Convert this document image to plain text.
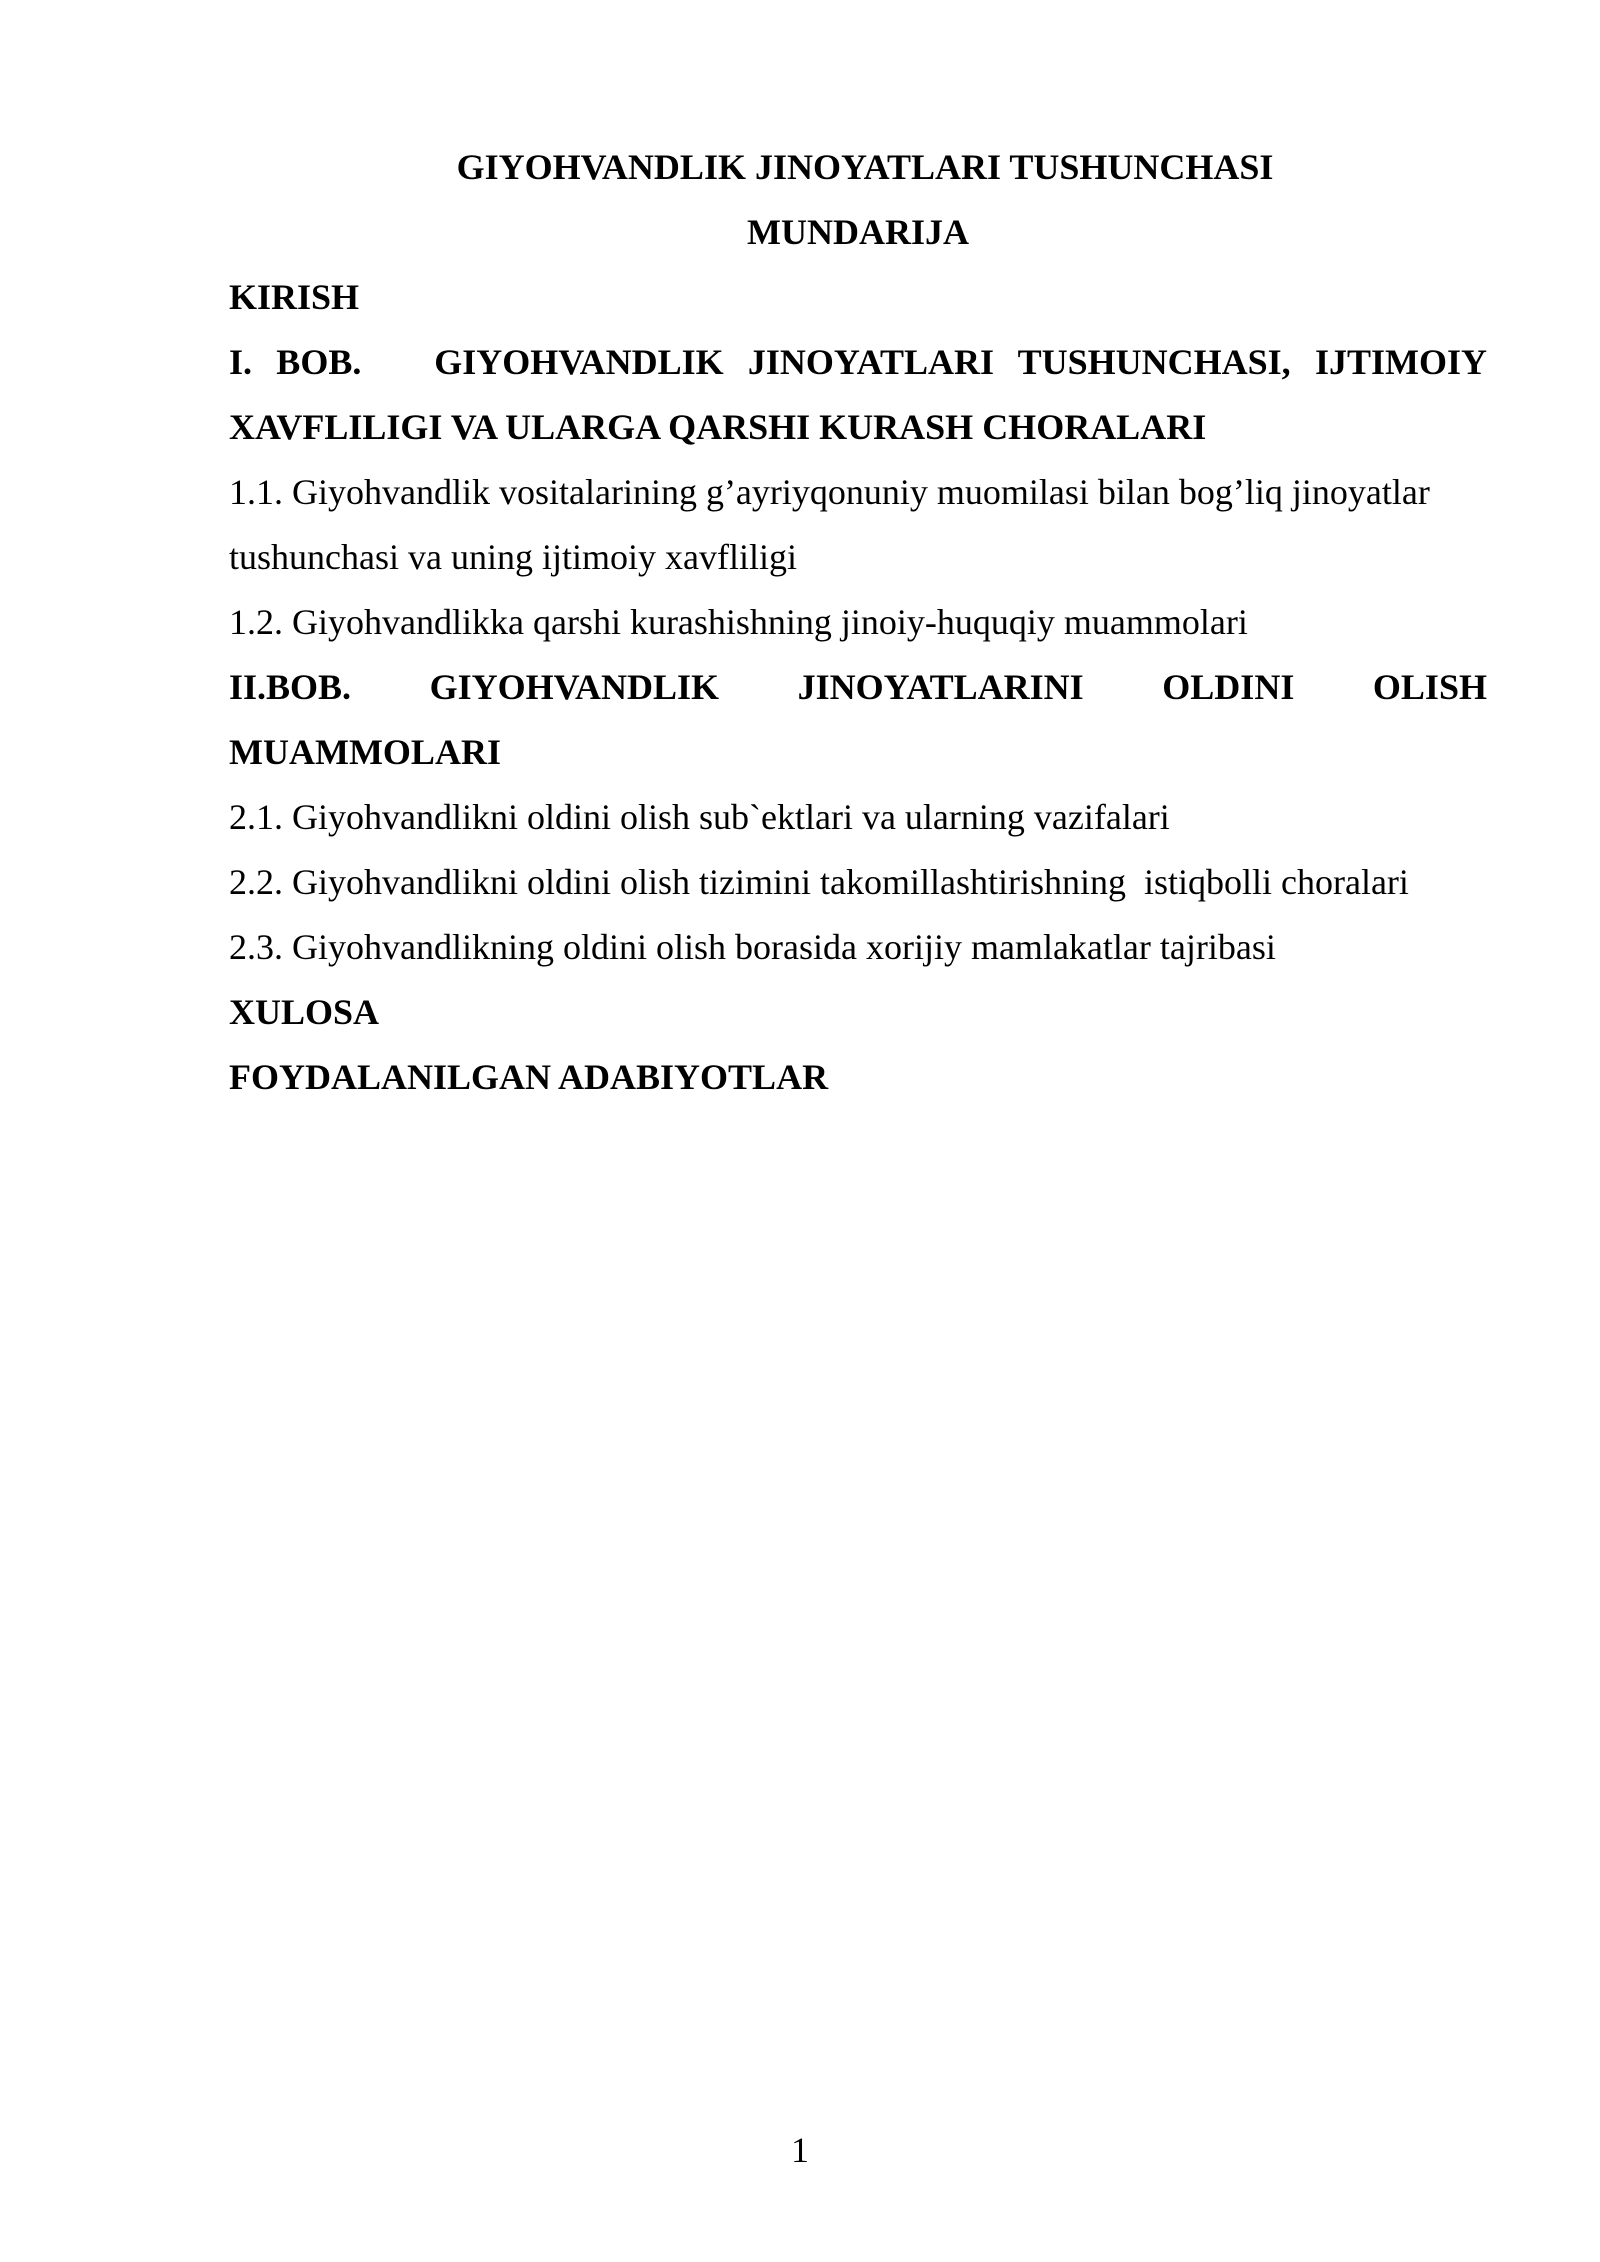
GIYOHVANDLIK JINOYATLARI TUSHUNCHASI

MUNDARIJA

KIRISH

I. BOB. GIYOHVANDLIK JINOYATLARI TUSHUNCHASI, IJTIMOIY XAVFLILIGI VA ULARGA QARSHI KURASH CHORALARI

1.1. Giyohvandlik vositalarining g’ayriyqonuniy muomilasi bilan bog’liq jinoyatlar tushunchasi va uning ijtimoiy xavfliligi

1.2. Giyohvandlikka qarshi kurashishning jinoiy-huquqiy muammolari

II.BOB. GIYOHVANDLIK JINOYATLARINI OLDINI OLISH

MUAMMOLARI

2.1. Giyohvandlikni oldini olish sub`ektlari va ularning vazifalari

2.2. Giyohvandlikni oldini olish tizimini takomillashtirishning  istiqbolli choralari

2.3. Giyohvandlikning oldini olish borasida xorijiy mamlakatlar tajribasi

XULOSA

FOYDALANILGAN ADABIYOTLAR

1
